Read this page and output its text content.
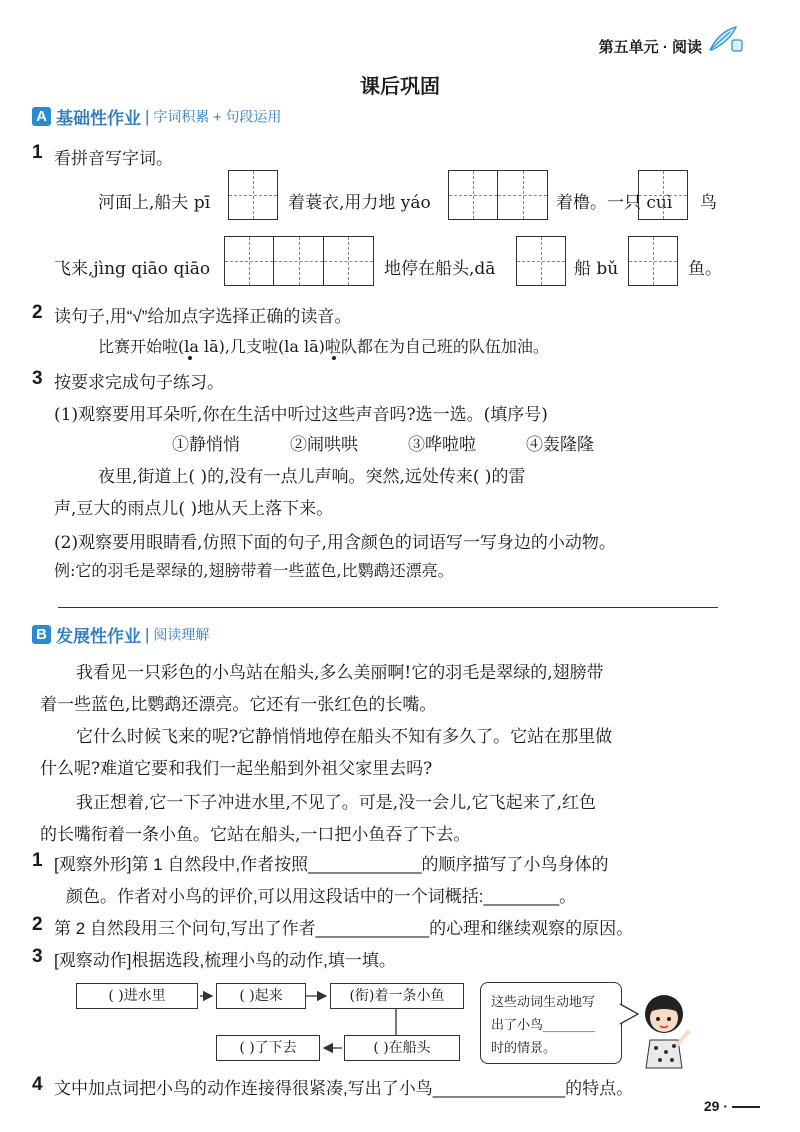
第五单元 · 阅读
课后巩固
A 基础性作业 | 字词积累 + 句段运用
1 看拼音写字词。
河面上,船夫 pī	着蓑衣,用力地 yáo	着橹。一只 cuì 鸟
飞来,jìng qiāo qiāo	地停在船头,dā	船 bǔ	鱼。
2 读句子,用“√”给加点字选择正确的读音。
比赛开始啦(la lā),几支啦(la lā)啦队都在为自己班的队伍加油。
3 按要求完成句子练习。
(1)观察要用耳朵听,你在生活中听过这些声音吗?选一选。(填序号)
①静悄悄	②闹哄哄	③哗啦啦	④轰隆隆
夜里,街道上( )的,没有一点儿声响。突然,远处传来( )的雷
声,豆大的雨点儿( )地从天上落下来。
(2)观察要用眼睛看,仿照下面的句子,用含颜色的词语写一写身边的小动物。
例:它的羽毛是翠绿的,翅膀带着一些蓝色,比鹦鹉还漂亮。
B 发展性作业 | 阅读理解
我看见一只彩色的小鸟站在船头,多么美丽啊!它的羽毛是翠绿的,翅膀带
着一些蓝色,比鹦鹉还漂亮。它还有一张红色的长嘴。
它什么时候飞来的呢?它静悄悄地停在船头不知有多久了。它站在那里做
什么呢?难道它要和我们一起坐船到外祖父家里去吗?
我正想着,它一下子冲进水里,不见了。可是,没一会儿,它飞起来了,红色
的长嘴衔着一条小鱼。它站在船头,一口把小鱼吞了下去。
1 [观察外形]第 1 自然段中,作者按照____________的顺序描写了小鸟身体的
颜色。作者对小鸟的评价,可以用这段话中的一个词概括:________。
2 第 2 自然段用三个问句,写出了作者____________的心理和继续观察的原因。
3 [观察动作]根据选段,梳理小鸟的动作,填一填。
( )进水里	( )起来	(衔)着一条小鱼
( )了下去	( )在船头
这些动词生动地写
出了小鸟________
时的情景。
4 文中加点词把小鸟的动作连接得很紧凑,写出了小鸟______________的特点。
29 ·
